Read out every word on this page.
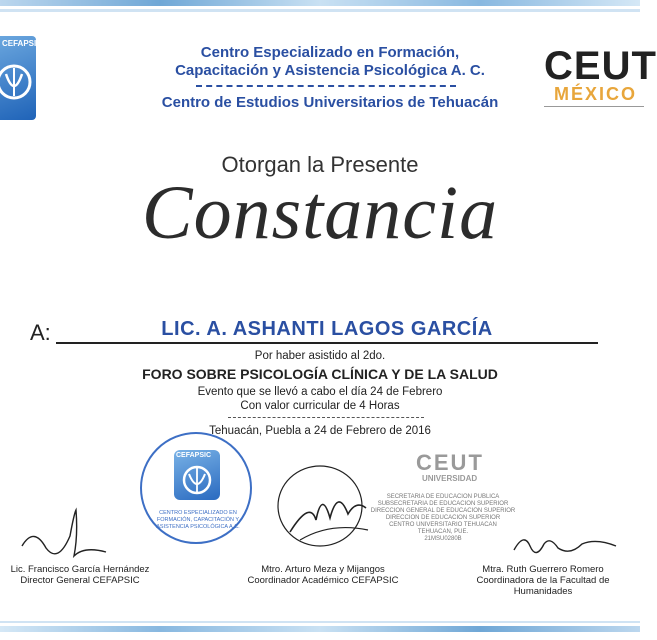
CEFAPSIC
Centro Especializado en Formación,
Capacitación y Asistencia Psicológica A. C.
Centro de Estudios Universitarios de Tehuacán
CEUT
MÉXICO
Otorgan la Presente
Constancia
A:	LIC. A. ASHANTI LAGOS GARCÍA
Por haber asistido al 2do.
FORO SOBRE PSICOLOGÍA CLÍNICA Y DE LA SALUD
Evento que se llevó a cabo el día 24 de Febrero
Con valor curricular de 4 Horas
Tehuacán, Puebla a 24 de Febrero de 2016
CEFAPSIC
CENTRO ESPECIALIZADO EN FORMACIÓN, CAPACITACIÓN Y ASISTENCIA PSICOLÓGICA A.C.
CEUT
UNIVERSIDAD
SECRETARIA DE EDUCACION PUBLICA
SUBSECRETARIA DE EDUCACION SUPERIOR
DIRECCION GENERAL DE EDUCACION SUPERIOR
DIRECCION DE EDUCACION SUPERIOR
CENTRO UNIVERSITARIO TEHUACAN
TEHUACAN, PUE.
21MSU0280B
Lic. Francisco García Hernández
Director General CEFAPSIC
Mtro. Arturo Meza y Mijangos
Coordinador Académico CEFAPSIC
Mtra. Ruth Guerrero Romero
Coordinadora de la Facultad de Humanidades
